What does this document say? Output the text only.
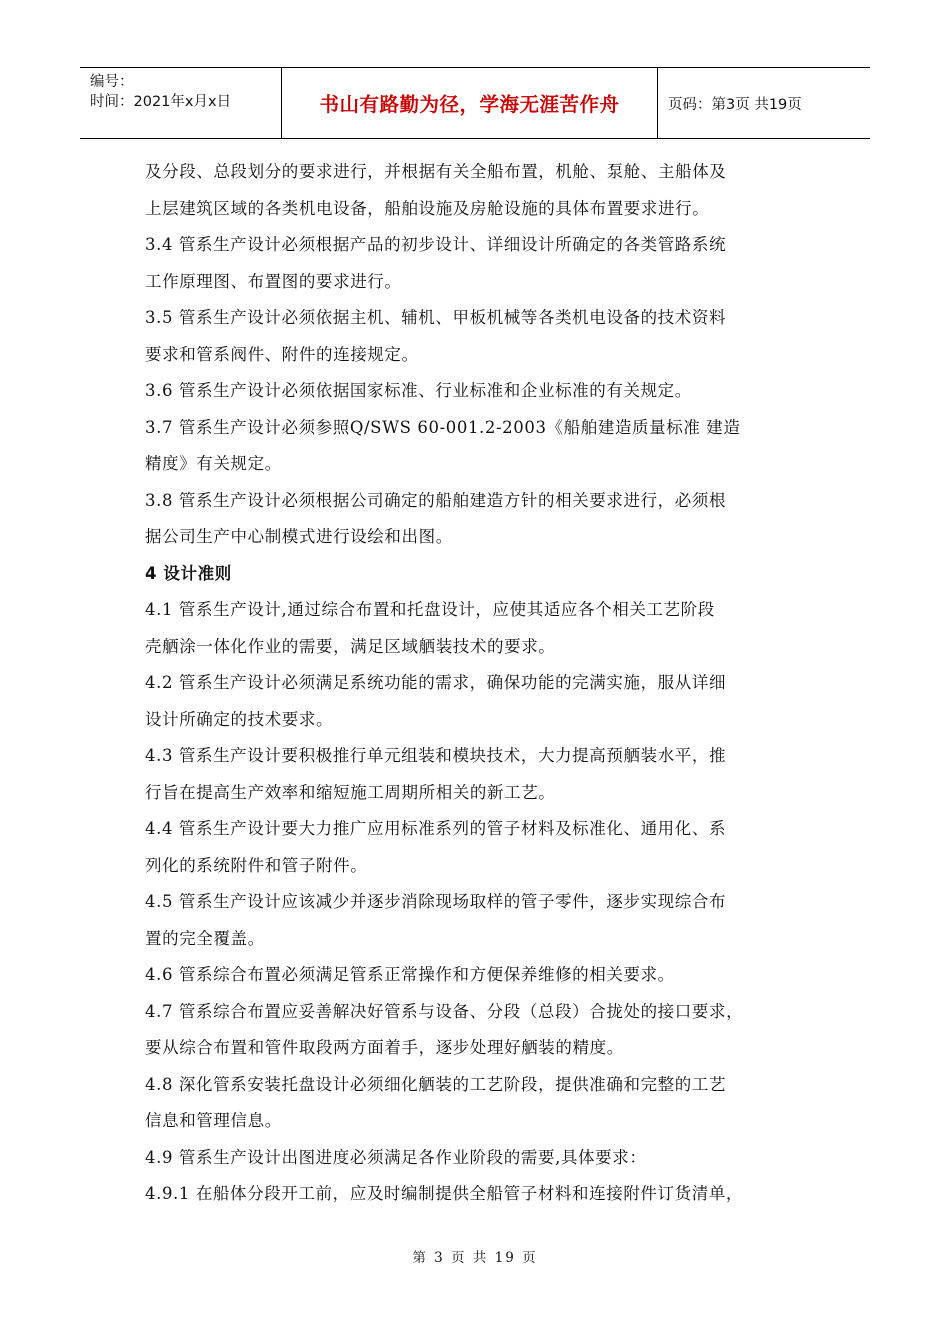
编号：
时间：2021年x月x日	书山有路勤为径，学海无涯苦作舟	页码：第3页 共19页
及分段、总段划分的要求进行，并根据有关全船布置，机舱、泵舱、主船体及
上层建筑区域的各类机电设备，船舶设施及房舱设施的具体布置要求进行。
3.4 管系生产设计必须根据产品的初步设计、详细设计所确定的各类管路系统
工作原理图、布置图的要求进行。
3.5 管系生产设计必须依据主机、辅机、甲板机械等各类机电设备的技术资料
要求和管系阀件、附件的连接规定。
3.6 管系生产设计必须依据国家标准、行业标准和企业标准的有关规定。
3.7 管系生产设计必须参照Q/SWS 60-001.2-2003《船舶建造质量标准 建造
精度》有关规定。
3.8 管系生产设计必须根据公司确定的船舶建造方针的相关要求进行，必须根
据公司生产中心制模式进行设绘和出图。
4 设计准则
4.1 管系生产设计,通过综合布置和托盘设计，应使其适应各个相关工艺阶段
壳舾涂一体化作业的需要，满足区域舾装技术的要求。
4.2 管系生产设计必须满足系统功能的需求，确保功能的完满实施，服从详细
设计所确定的技术要求。
4.3 管系生产设计要积极推行单元组装和模块技术，大力提高预舾装水平，推
行旨在提高生产效率和缩短施工周期所相关的新工艺。
4.4 管系生产设计要大力推广应用标准系列的管子材料及标准化、通用化、系
列化的系统附件和管子附件。
4.5 管系生产设计应该减少并逐步消除现场取样的管子零件，逐步实现综合布
置的完全覆盖。
4.6 管系综合布置必须满足管系正常操作和方便保养维修的相关要求。
4.7 管系综合布置应妥善解决好管系与设备、分段（总段）合拢处的接口要求，
要从综合布置和管件取段两方面着手，逐步处理好舾装的精度。
4.8 深化管系安装托盘设计必须细化舾装的工艺阶段，提供准确和完整的工艺
信息和管理信息。
4.9 管系生产设计出图进度必须满足各作业阶段的需要,具体要求：
4.9.1 在船体分段开工前，应及时编制提供全船管子材料和连接附件订货清单，
第 3 页 共 19 页
